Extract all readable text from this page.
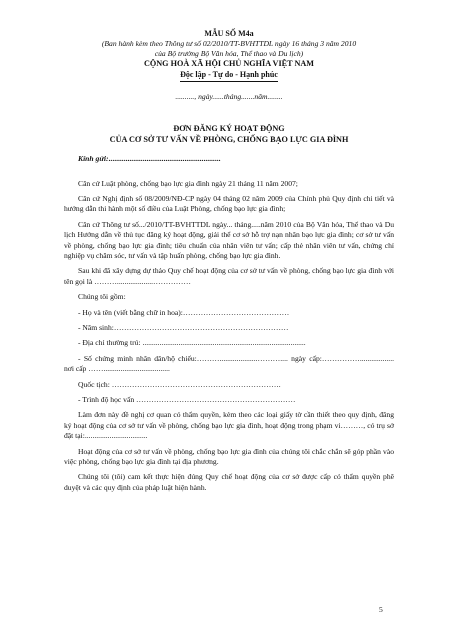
MẪU SỐ M4a
(Ban hành kèm theo Thông tư số 02/2010/TT-BVHTTDL ngày 16 tháng 3 năm 2010
của Bộ trưởng Bộ Văn hóa, Thể thao và Du lịch)
CỘNG HOÀ XÃ HỘI CHỦ NGHĨA VIỆT NAM
Độc lập - Tự do - Hạnh phúc
.........., ngày......tháng.......năm........
ĐƠN ĐĂNG KÝ HOẠT ĐỘNG
CỦA CƠ SỞ TƯ VẤN VỀ PHÒNG, CHỐNG BẠO LỰC GIA ĐÌNH
Kính gửi:...........................................................

Căn cứ Luật phòng, chống bạo lực gia đình ngày 21 tháng 11 năm 2007;

Căn cứ Nghị định số 08/2009/NĐ-CP ngày 04 tháng 02 năm 2009 của Chính phủ Quy định chi tiết và hướng dẫn thi hành một số điều của Luật Phòng, chống bạo lực gia đình;

Căn cứ Thông tư số.../2010/TT-BVHTTDL ngày... tháng.....năm 2010 của Bộ Văn hóa, Thể thao và Du lịch Hướng dẫn về thủ tục đăng ký hoạt động, giải thể cơ sở hỗ trợ nạn nhân bạo lực gia đình; cơ sở tư vấn về phòng, chống bạo lực gia đình; tiêu chuẩn của nhân viên tư vấn; cấp thẻ nhân viên tư vấn, chứng chỉ nghiệp vụ chăm sóc, tư vấn và tập huấn phòng, chống bạo lực gia đình.

Sau khi đã xây dựng dự thảo Quy chế hoạt động của cơ sở tư vấn về phòng, chống bạo lực gia đình với tên gọi là ………...................……………

Chúng tôi gồm:
- Họ và tên (viết bằng chữ in hoa):……………………………………
- Năm sinh:……………………………………………………………
- Địa chỉ thường trú: ......................................................................................
- Số chứng minh nhân dân/hộ chiếu:………....................……….... ngày cấp:…………….................. nơi cấp ……...................................
Quốc tịch: ………………………………………………………….
- Trình độ học vấn ………………………………………………………

Làm đơn này đề nghị cơ quan có thẩm quyền, kèm theo các loại giấy tờ cần thiết theo quy định, đăng ký hoạt động của cơ sở tư vấn về phòng, chống bạo lực gia đình, hoạt động trong phạm vi………, có trụ sở đặt tại:.................................

Hoạt động của cơ sở tư vấn về phòng, chống bạo lực gia đình của chúng tôi chắc chắn sẽ góp phần vào việc phòng, chống bạo lực gia đình tại địa phương.

Chúng tôi (tôi) cam kết thực hiện đúng Quy chế hoạt động của cơ sở được cấp có thẩm quyền phê duyệt và các quy định của pháp luật hiện hành.

5
